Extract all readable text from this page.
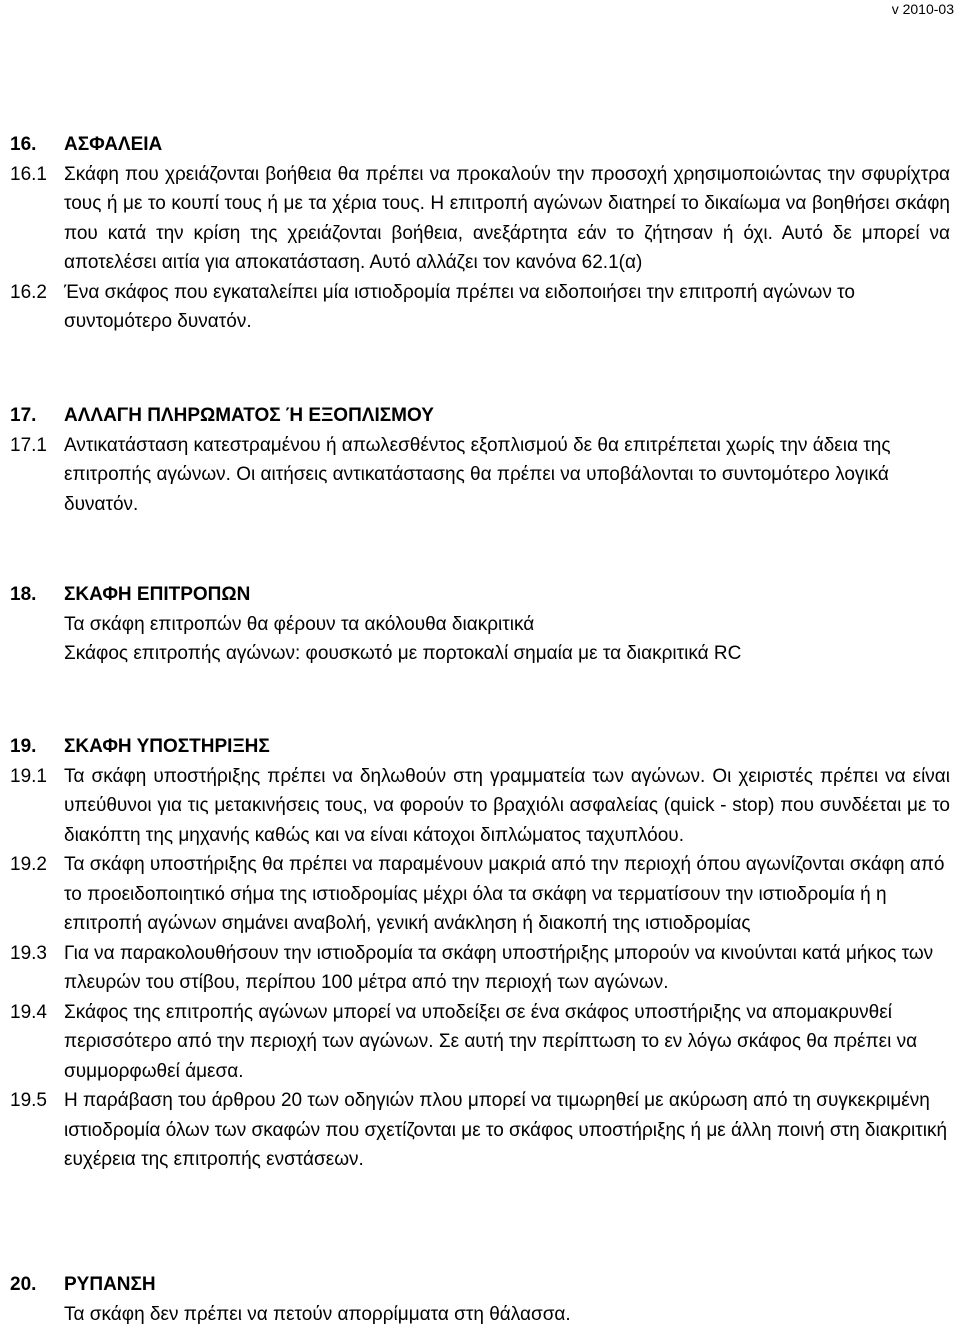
v 2010-03
16.	ΑΣΦΑΛΕΙΑ
16.1 Σκάφη που χρειάζονται βοήθεια θα πρέπει να προκαλούν την προσοχή χρησιμοποιώντας την σφυρίχτρα τους ή με το κουπί τους ή με τα χέρια τους. Η επιτροπή αγώνων διατηρεί το δικαίωμα να βοηθήσει σκάφη που κατά την κρίση της χρειάζονται βοήθεια, ανεξάρτητα εάν το ζήτησαν ή όχι. Αυτό δε μπορεί να αποτελέσει αιτία για αποκατάσταση. Αυτό αλλάζει τον κανόνα 62.1(α)
16.2 Ένα σκάφος που εγκαταλείπει μία ιστιοδρομία πρέπει να ειδοποιήσει την επιτροπή αγώνων το συντομότερο δυνατόν.
17.	ΑΛΛΑΓΗ ΠΛΗΡΩΜΑΤΟΣ Ή ΕΞΟΠΛΙΣΜΟΥ
17.1 Αντικατάσταση κατεστραμένου ή απωλεσθέντος εξοπλισμού δε θα επιτρέπεται χωρίς την άδεια της επιτροπής αγώνων. Οι αιτήσεις αντικατάστασης θα πρέπει να υποβάλονται το συντομότερο λογικά δυνατόν.
18.	ΣΚΑΦΗ ΕΠΙΤΡΟΠΩΝ
Τα σκάφη επιτροπών θα φέρουν τα ακόλουθα διακριτικά
Σκάφος επιτροπής αγώνων: φουσκωτό με πορτοκαλί σημαία με τα διακριτικά RC
19.	ΣΚΑΦΗ ΥΠΟΣΤΗΡΙΞΗΣ
19.1 Τα σκάφη υποστήριξης πρέπει να δηλωθούν στη γραμματεία των αγώνων. Οι χειριστές πρέπει να είναι υπεύθυνοι για τις μετακινήσεις τους, να φορούν το βραχιόλι ασφαλείας (quick - stop) που συνδέεται με το διακόπτη της μηχανής καθώς και να είναι κάτοχοι διπλώματος ταχυπλόου.
19.2 Τα σκάφη υποστήριξης θα πρέπει να παραμένουν μακριά από την περιοχή όπου αγωνίζονται σκάφη από το προειδοποιητικό σήμα της ιστιοδρομίας μέχρι όλα τα σκάφη να τερματίσουν την ιστιοδρομία ή η επιτροπή αγώνων σημάνει αναβολή, γενική ανάκληση ή διακοπή της ιστιοδρομίας
19.3 Για να παρακολουθήσουν την ιστιοδρομία τα σκάφη υποστήριξης μπορούν να κινούνται κατά μήκος των πλευρών του στίβου, περίπου 100 μέτρα από την περιοχή των αγώνων.
19.4 Σκάφος της επιτροπής αγώνων μπορεί να υποδείξει σε ένα σκάφος υποστήριξης να απομακρυνθεί περισσότερο από την περιοχή των αγώνων. Σε αυτή την περίπτωση το εν λόγω σκάφος θα πρέπει να συμμορφωθεί άμεσα.
19.5 Η παράβαση του άρθρου 20 των οδηγιών πλου μπορεί να τιμωρηθεί με ακύρωση από τη συγκεκριμένη ιστιοδρομία όλων των σκαφών που σχετίζονται με το σκάφος υποστήριξης ή με άλλη ποινή στη διακριτική ευχέρεια της επιτροπής ενστάσεων.
20.	ΡΥΠΑΝΣΗ
Τα σκάφη δεν πρέπει να πετούν απορρίμματα στη θάλασσα.
